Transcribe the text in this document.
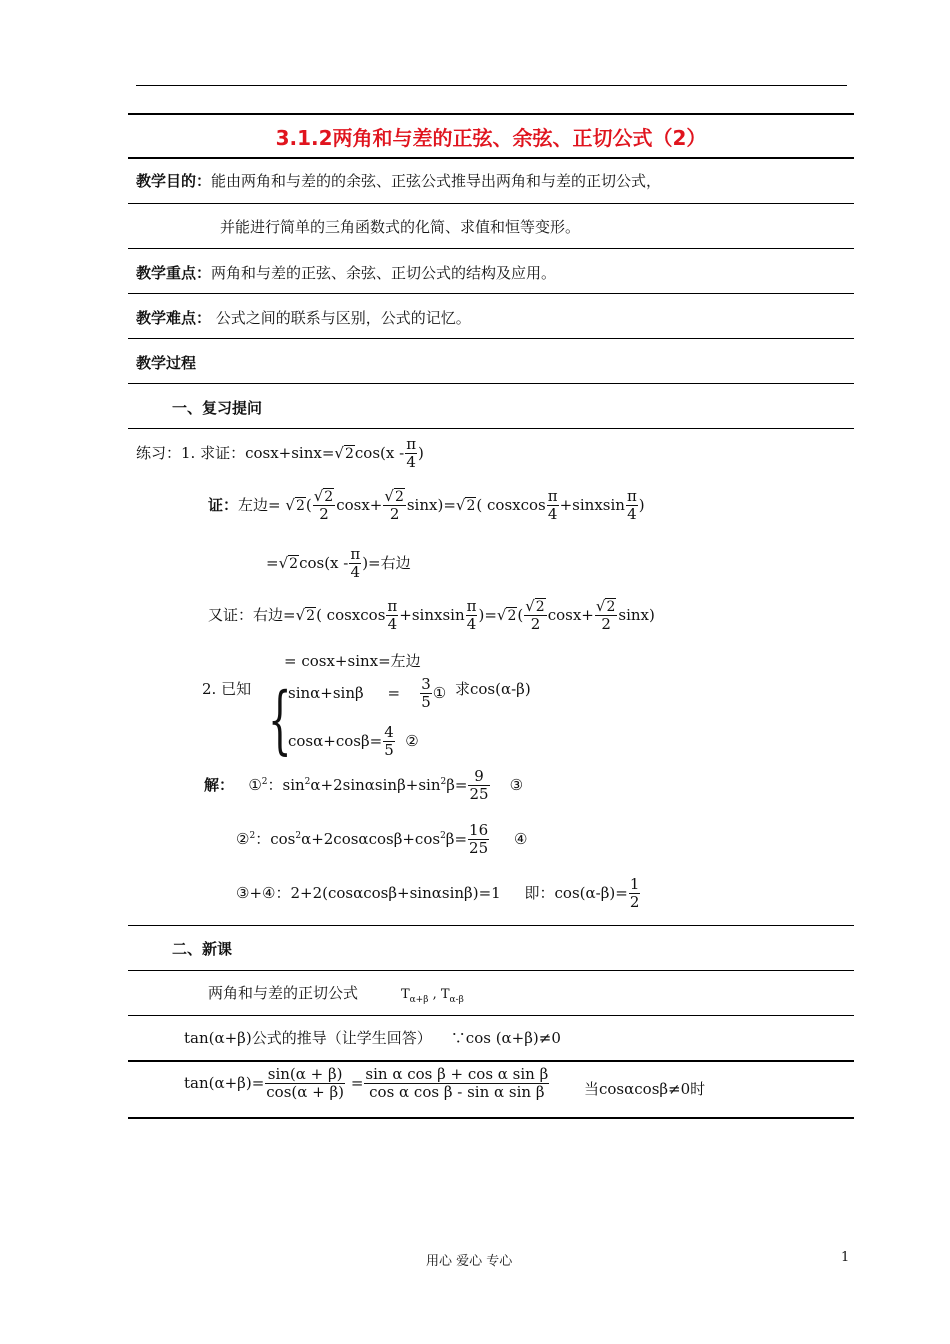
3.1.2两角和与差的正弦、余弦、正切公式（2）
教学目的：能由两角和与差的的余弦、正弦公式推导出两角和与差的正切公式，
并能进行简单的三角函数式的化简、求值和恒等变形。
教学重点：两角和与差的正弦、余弦、正切公式的结构及应用。
教学难点： 公式之间的联系与区别，公式的记忆。
教学过程
一、复习提问
练习：1. 求证：$\cos x+\sin x=√2\cos(x - \frac{\pi}{4}$ )
证：左边= $√2( \frac{√2}{2} \cos x+ \frac{√2}{2} \sin x)=√2$( cosxcos $\frac{\pi}{4}$ +sinxsin $\frac{\pi}{4}$ )
$=√2\cos(x - \frac{\pi}{4}$ )=右边
又证：右边=√2( cosxcos $\frac{\pi}{4}$ +sinxsin $\frac{\pi}{4} )=√2( \frac{√2}{2} \cos x+ \frac{√2}{2} \sin x)$
= cosx+sinx=左边
2. 已知 {
$\sin\alpha+\sin\beta = \frac{3}{5}$ ① 求cos(α-β)
$\cos\alpha+\cos\beta= \frac{4}{5}$ ②
解： ①$^2$：$\sin^2\alpha+2\sin\alpha\sin\beta+\sin^2\beta= \frac{9}{25}$ ③
②$^2$：$\cos^2\alpha+2\cos\alpha\cos\beta+\cos^2\beta= \frac{16}{25}$ ④
③+④：2+2(cosαcosβ+sinαsinβ)=1 即：$\cos(\alpha-\beta)= \frac{1}{2}$
二、新课
两角和与差的正切公式	$T_{\alpha+\beta}$ , $T_{\alpha-\beta}$
tan(α+β)公式的推导（让学生回答） ∵cos (α+β)≠0
$\tan(\alpha+\beta)= \frac{\sin(\alpha + \beta)}{\cos(\alpha + \beta)} = \frac{\text{sin α cos β + cos α sin β}}{\text{cos α cos β - sin α sin β}}$ 当cosαcosβ≠0时
用心 爱心 专心	1
